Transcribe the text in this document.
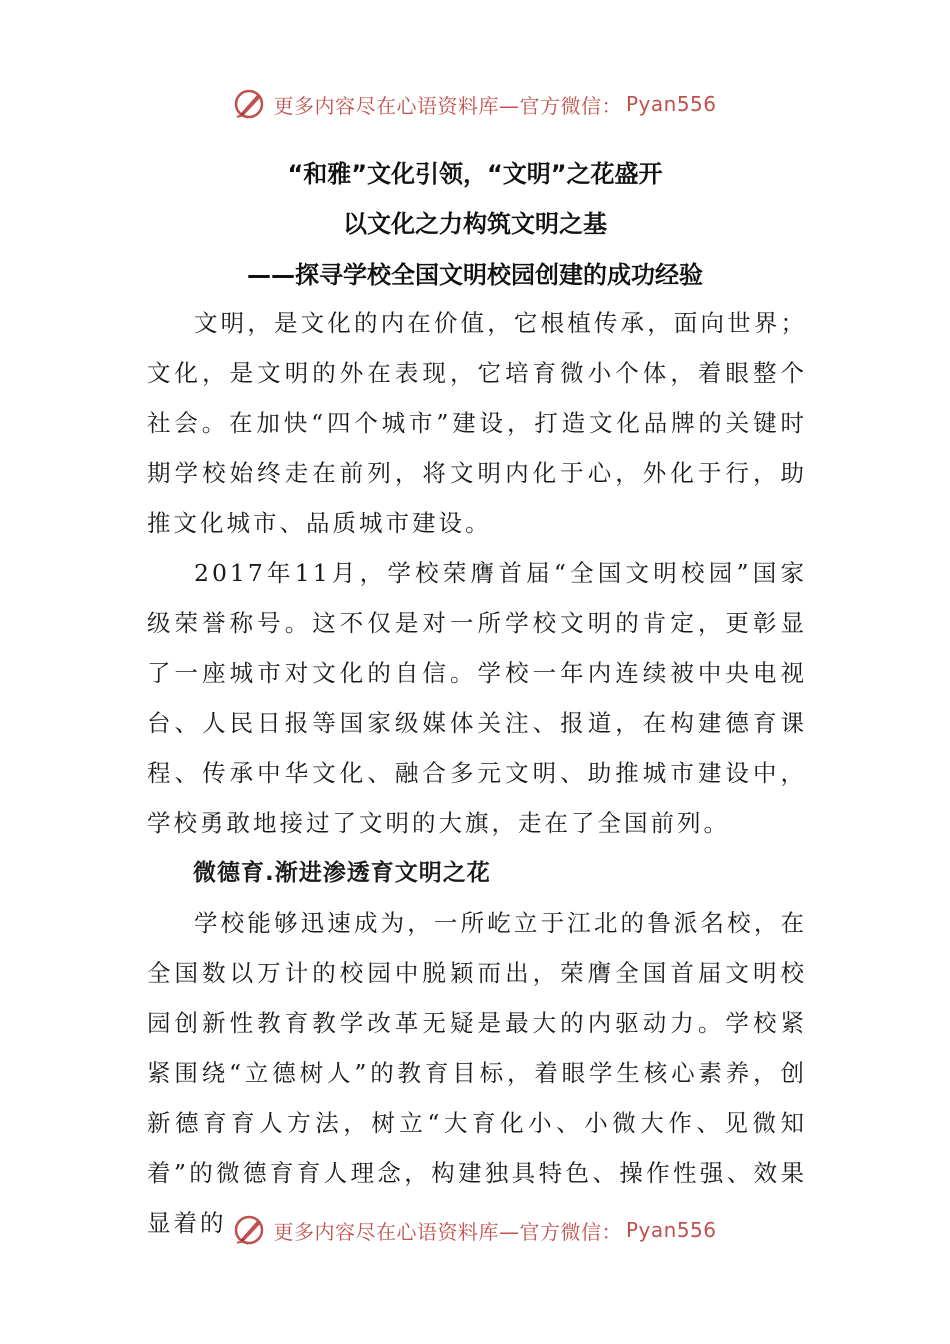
更多内容尽在心语资料库—官方微信： Pyan556
“和雅”文化引领，“文明”之花盛开
以文化之力构筑文明之基
——探寻学校全国文明校园创建的成功经验

文明，是文化的内在价值，它根植传承，面向世界；文化，是文明的外在表现，它培育微小个体，着眼整个社会。在加快“四个城市”建设，打造文化品牌的关键时期学校始终走在前列，将文明内化于心，外化于行，助推文化城市、品质城市建设。

2017年11月，学校荣膺首届“全国文明校园”国家级荣誉称号。这不仅是对一所学校文明的肯定，更彰显了一座城市对文化的自信。学校一年内连续被中央电视台、人民日报等国家级媒体关注、报道，在构建德育课程、传承中华文化、融合多元文明、助推城市建设中，学校勇敢地接过了文明的大旗，走在了全国前列。

微德育.渐进渗透育文明之花

学校能够迅速成为，一所屹立于江北的鲁派名校，在全国数以万计的校园中脱颖而出，荣膺全国首届文明校园创新性教育教学改革无疑是最大的内驱动力。学校紧紧围绕“立德树人”的教育目标，着眼学生核心素养，创新德育育人方法，树立“大育化小、小微大作、见微知着”的微德育育人理念，构建独具特色、操作性强、效果显着的	更多内容尽在心语资料库—官方微信： Pyan556
